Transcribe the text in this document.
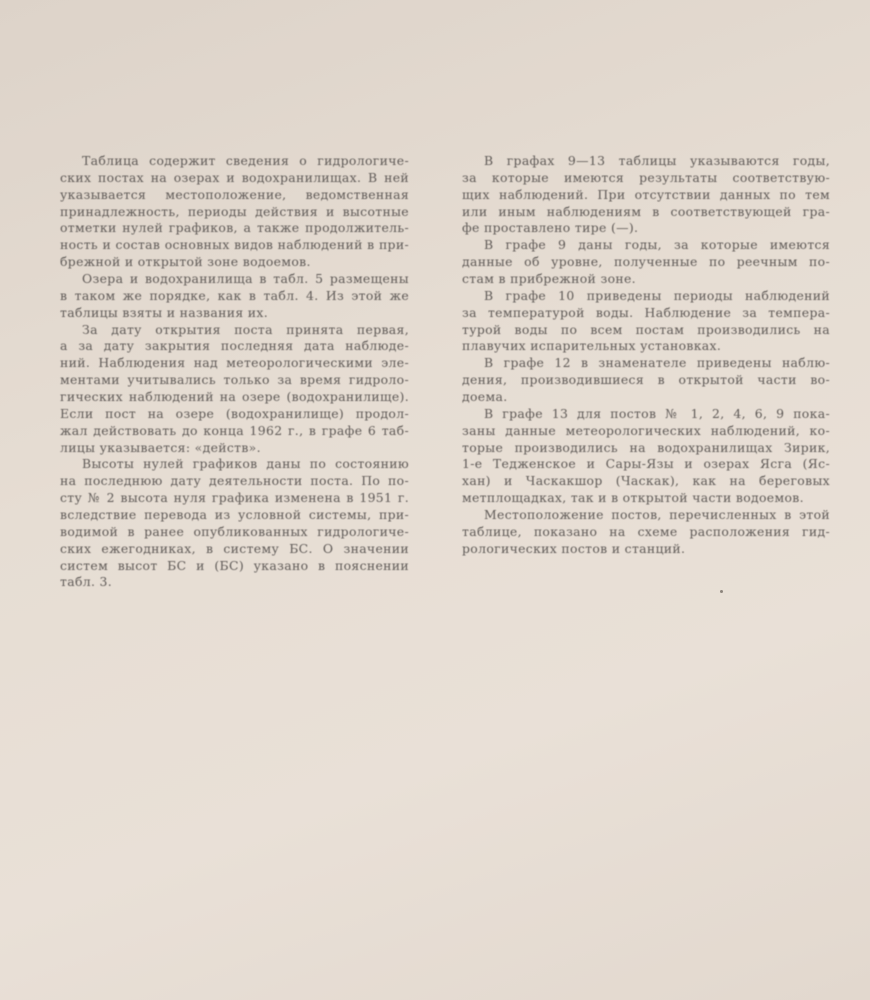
Таблица содержит сведения о гидрологиче-
ских постах на озерах и водохранилищах. В ней
указывается местоположение, ведомственная
принадлежность, периоды действия и высотные
отметки нулей графиков, а также продолжитель-
ность и состав основных видов наблюдений в при-
брежной и открытой зоне водоемов.
Озера и водохранилища в табл. 5 размещены
в таком же порядке, как в табл. 4. Из этой же
таблицы взяты и названия их.
За дату открытия поста принята первая,
а за дату закрытия последняя дата наблюде-
ний. Наблюдения над метеорологическими эле-
ментами учитывались только за время гидроло-
гических наблюдений на озере (водохранилище).
Если пост на озере (водохранилище) продол-
жал действовать до конца 1962 г., в графе 6 таб-
лицы указывается: «действ».
Высоты нулей графиков даны по состоянию
на последнюю дату деятельности поста. По по-
сту № 2 высота нуля графика изменена в 1951 г.
вследствие перевода из условной системы, при-
водимой в ранее опубликованных гидрологиче-
ских ежегодниках, в систему БС. О значении
систем высот БС и (БС) указано в пояснении
табл. 3.
В графах 9—13 таблицы указываются годы,
за которые имеются результаты соответствую-
щих наблюдений. При отсутствии данных по тем
или иным наблюдениям в соответствующей гра-
фе проставлено тире (—).
В графе 9 даны годы, за которые имеются
данные об уровне, полученные по реечным по-
стам в прибрежной зоне.
В графе 10 приведены периоды наблюдений
за температурой воды. Наблюдение за темпера-
турой воды по всем постам производились на
плавучих испарительных установках.
В графе 12 в знаменателе приведены наблю-
дения, производившиеся в открытой части во-
доема.
В графе 13 для постов № 1, 2, 4, 6, 9 пока-
заны данные метеорологических наблюдений, ко-
торые производились на водохранилищах Зирик,
1-е Тедженское и Сары-Язы и озерах Ясга (Яс-
хан) и Часкакшор (Часкак), как на береговых
метплощадках, так и в открытой части водоемов.
Местоположение постов, перечисленных в этой
таблице, показано на схеме расположения гид-
рологических постов и станций.
